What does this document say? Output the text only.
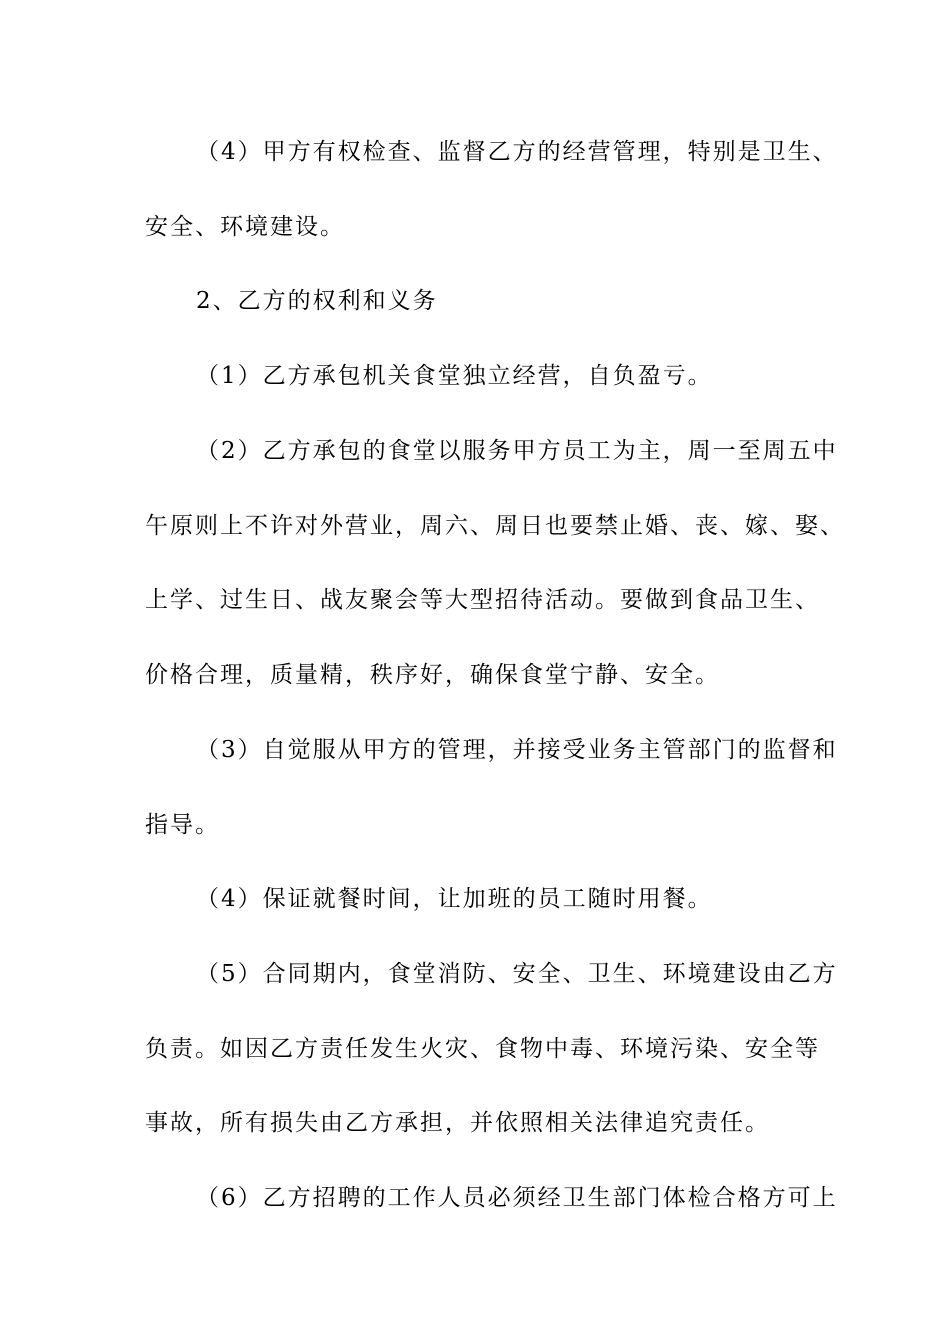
（4）甲方有权检查、监督乙方的经营管理，特别是卫生、
安全、环境建设。
2、乙方的权利和义务
（1）乙方承包机关食堂独立经营，自负盈亏。
（2）乙方承包的食堂以服务甲方员工为主，周一至周五中
午原则上不许对外营业，周六、周日也要禁止婚、丧、嫁、娶、
上学、过生日、战友聚会等大型招待活动。要做到食品卫生、
价格合理，质量精，秩序好，确保食堂宁静、安全。
（3）自觉服从甲方的管理，并接受业务主管部门的监督和
指导。
（4）保证就餐时间，让加班的员工随时用餐。
（5）合同期内，食堂消防、安全、卫生、环境建设由乙方
负责。如因乙方责任发生火灾、食物中毒、环境污染、安全等
事故，所有损失由乙方承担，并依照相关法律追究责任。
（6）乙方招聘的工作人员必须经卫生部门体检合格方可上
